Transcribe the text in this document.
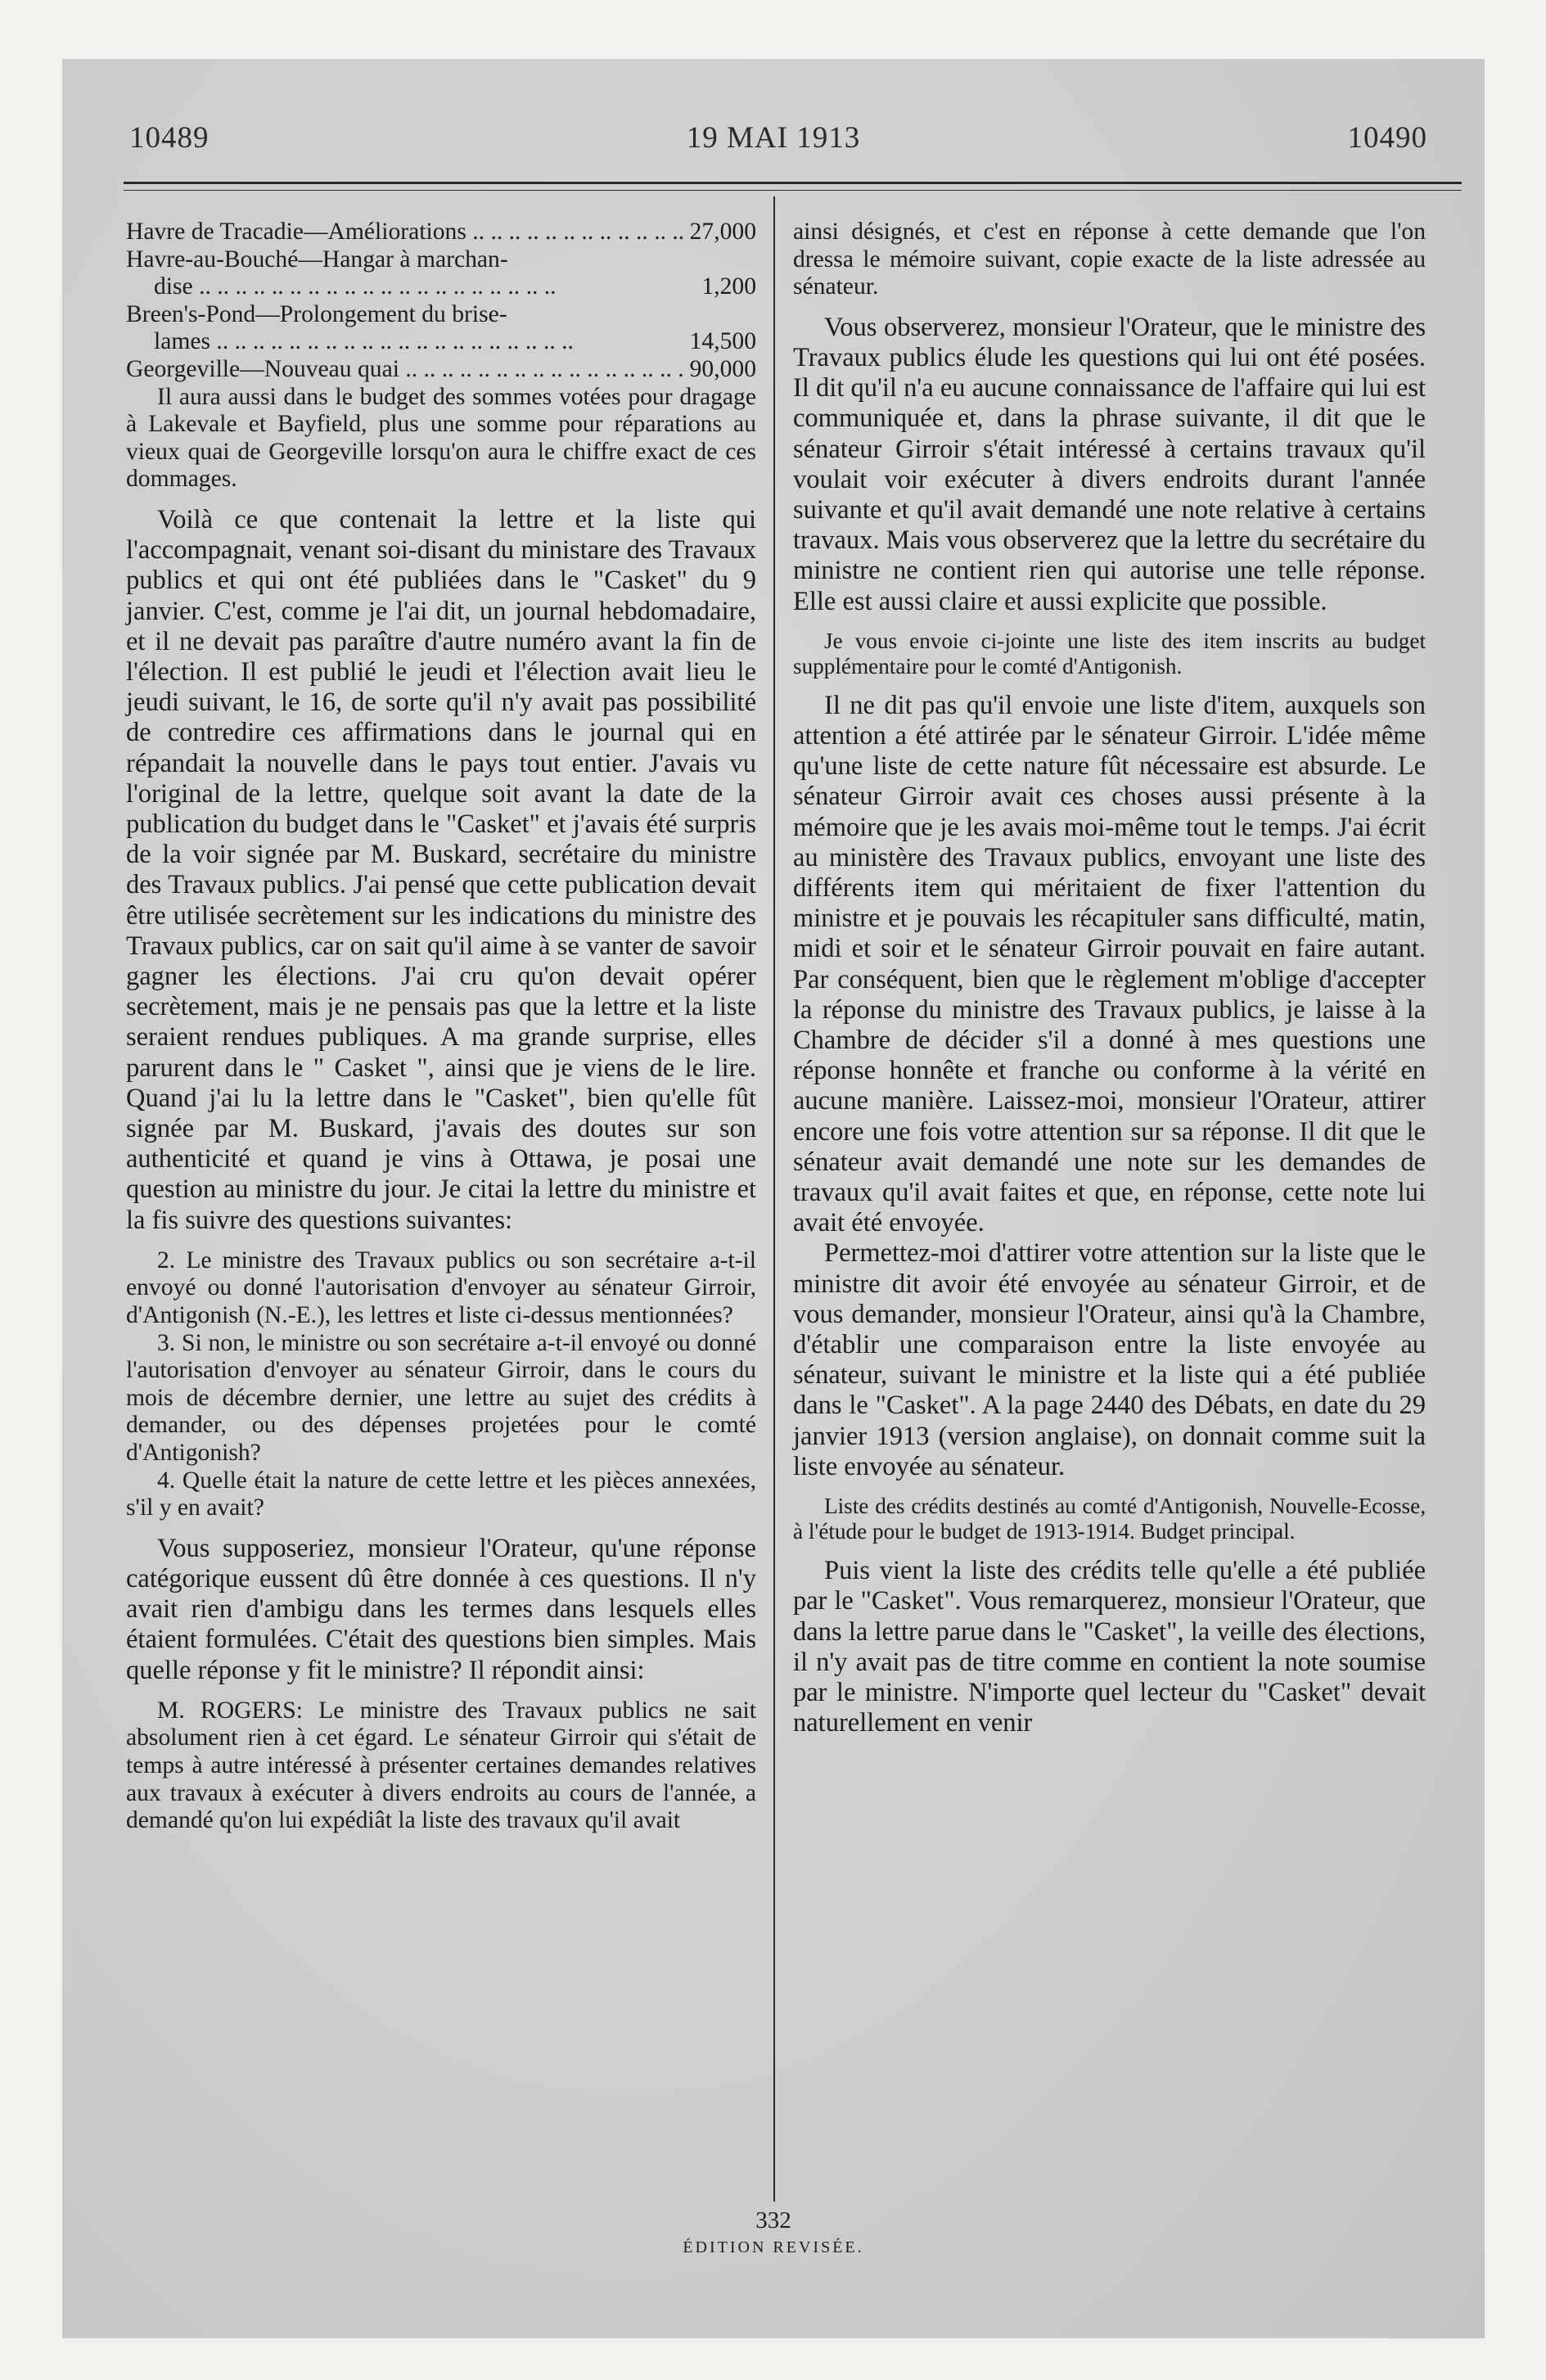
10489	19 MAI 1913	10490
Havre de Tracadie—Améliorations .. ..	27,000
Havre-au-Bouché—Hangar à marchan-
dise .. ..	1,200
Breen's-Pond—Prolongement du brise-
lames .. ..	14,500
Georgeville—Nouveau quai .. ..	90,000

Il aura aussi dans le budget des sommes votées pour dragage à Lakevale et Bayfield, plus une somme pour réparations au vieux quai de Georgeville lorsqu'on aura le chiffre exact de ces dommages.

Voilà ce que contenait la lettre et la liste qui l'accompagnait, venant soi-disant du ministare des Travaux publics et qui ont été publiées dans le "Casket" du 9 janvier. C'est, comme je l'ai dit, un journal hebdomadaire, et il ne devait pas paraître d'autre numéro avant la fin de l'élection. Il est publié le jeudi et l'élection avait lieu le jeudi suivant, le 16, de sorte qu'il n'y avait pas possibilité de contredire ces affirmations dans le journal qui en répandait la nouvelle dans le pays tout entier. J'avais vu l'original de la lettre, quelque soit avant la date de la publication du budget dans le "Casket" et j'avais été surpris de la voir signée par M. Buskard, secrétaire du ministre des Travaux publics. J'ai pensé que cette publication devait être utilisée secrètement sur les indications du ministre des Travaux publics, car on sait qu'il aime à se vanter de savoir gagner les élections. J'ai cru qu'on devait opérer secrètement, mais je ne pensais pas que la lettre et la liste seraient rendues publiques. A ma grande surprise, elles parurent dans le " Casket ", ainsi que je viens de le lire. Quand j'ai lu la lettre dans le "Casket", bien qu'elle fût signée par M. Buskard, j'avais des doutes sur son authenticité et quand je vins à Ottawa, je posai une question au ministre du jour. Je citai la lettre du ministre et la fis suivre des questions suivantes:

2. Le ministre des Travaux publics ou son secrétaire a-t-il envoyé ou donné l'autorisation d'envoyer au sénateur Girroir, d'Antigonish (N.-E.), les lettres et liste ci-dessus mentionnées?

3. Si non, le ministre ou son secrétaire a-t-il envoyé ou donné l'autorisation d'envoyer au sénateur Girroir, dans le cours du mois de décembre dernier, une lettre au sujet des crédits à demander, ou des dépenses projetées pour le comté d'Antigonish?

4. Quelle était la nature de cette lettre et les pièces annexées, s'il y en avait?

Vous supposeriez, monsieur l'Orateur, qu'une réponse catégorique eussent dû être donnée à ces questions. Il n'y avait rien d'ambigu dans les termes dans lesquels elles étaient formulées. C'était des questions bien simples. Mais quelle réponse y fit le ministre? Il répondit ainsi:

M. ROGERS: Le ministre des Travaux publics ne sait absolument rien à cet égard. Le sénateur Girroir qui s'était de temps à autre intéressé à présenter certaines demandes relatives aux travaux à exécuter à divers endroits au cours de l'année, a demandé qu'on lui expédiât la liste des travaux qu'il avait

ainsi désignés, et c'est en réponse à cette demande que l'on dressa le mémoire suivant, copie exacte de la liste adressée au sénateur.

Vous observerez, monsieur l'Orateur, que le ministre des Travaux publics élude les questions qui lui ont été posées. Il dit qu'il n'a eu aucune connaissance de l'affaire qui lui est communiquée et, dans la phrase suivante, il dit que le sénateur Girroir s'était intéressé à certains travaux qu'il voulait voir exécuter à divers endroits durant l'année suivante et qu'il avait demandé une note relative à certains travaux. Mais vous observerez que la lettre du secrétaire du ministre ne contient rien qui autorise une telle réponse. Elle est aussi claire et aussi explicite que possible.

Je vous envoie ci-jointe une liste des item inscrits au budget supplémentaire pour le comté d'Antigonish.

Il ne dit pas qu'il envoie une liste d'item, auxquels son attention a été attirée par le sénateur Girroir. L'idée même qu'une liste de cette nature fût nécessaire est absurde. Le sénateur Girroir avait ces choses aussi présente à la mémoire que je les avais moi-même tout le temps. J'ai écrit au ministère des Travaux publics, envoyant une liste des différents item qui méritaient de fixer l'attention du ministre et je pouvais les récapituler sans difficulté, matin, midi et soir et le sénateur Girroir pouvait en faire autant. Par conséquent, bien que le règlement m'oblige d'accepter la réponse du ministre des Travaux publics, je laisse à la Chambre de décider s'il a donné à mes questions une réponse honnête et franche ou conforme à la vérité en aucune manière. Laissez-moi, monsieur l'Orateur, attirer encore une fois votre attention sur sa réponse. Il dit que le sénateur avait demandé une note sur les demandes de travaux qu'il avait faites et que, en réponse, cette note lui avait été envoyée.

Permettez-moi d'attirer votre attention sur la liste que le ministre dit avoir été envoyée au sénateur Girroir, et de vous demander, monsieur l'Orateur, ainsi qu'à la Chambre, d'établir une comparaison entre la liste envoyée au sénateur, suivant le ministre et la liste qui a été publiée dans le "Casket". A la page 2440 des Débats, en date du 29 janvier 1913 (version anglaise), on donnait comme suit la liste envoyée au sénateur.

Liste des crédits destinés au comté d'Antigonish, Nouvelle-Ecosse, à l'étude pour le budget de 1913-1914. Budget principal.

Puis vient la liste des crédits telle qu'elle a été publiée par le "Casket". Vous remarquerez, monsieur l'Orateur, que dans la lettre parue dans le "Casket", la veille des élections, il n'y avait pas de titre comme en contient la note soumise par le ministre. N'importe quel lecteur du "Casket" devait naturellement en venir

332
ÉDITION REVISÉE.
